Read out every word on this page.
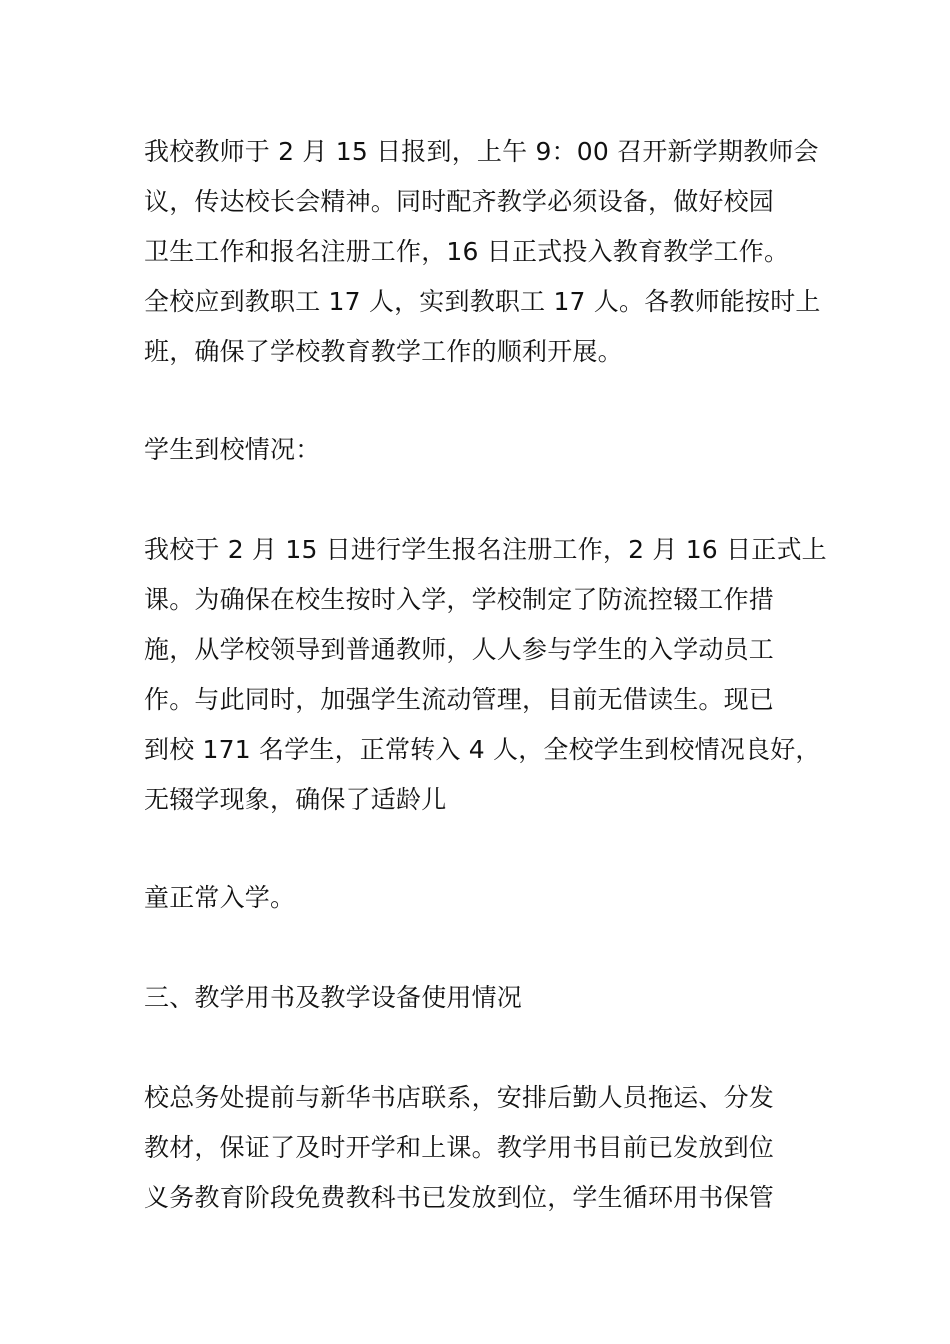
我校教师于 2 月 15 日报到，上午 9：00 召开新学期教师会
议，传达校长会精神。同时配齐教学必须设备，做好校园
卫生工作和报名注册工作，16 日正式投入教育教学工作。
全校应到教职工 17 人，实到教职工 17 人。各教师能按时上
班，确保了学校教育教学工作的顺利开展。

学生到校情况：

我校于 2 月 15 日进行学生报名注册工作，2 月 16 日正式上
课。为确保在校生按时入学，学校制定了防流控辍工作措
施，从学校领导到普通教师，人人参与学生的入学动员工
作。与此同时，加强学生流动管理，目前无借读生。现已
到校 171 名学生，正常转入 4 人，全校学生到校情况良好，
无辍学现象，确保了适龄儿

童正常入学。

三、教学用书及教学设备使用情况

校总务处提前与新华书店联系，安排后勤人员拖运、分发
教材，保证了及时开学和上课。教学用书目前已发放到位
义务教育阶段免费教科书已发放到位，学生循环用书保管
